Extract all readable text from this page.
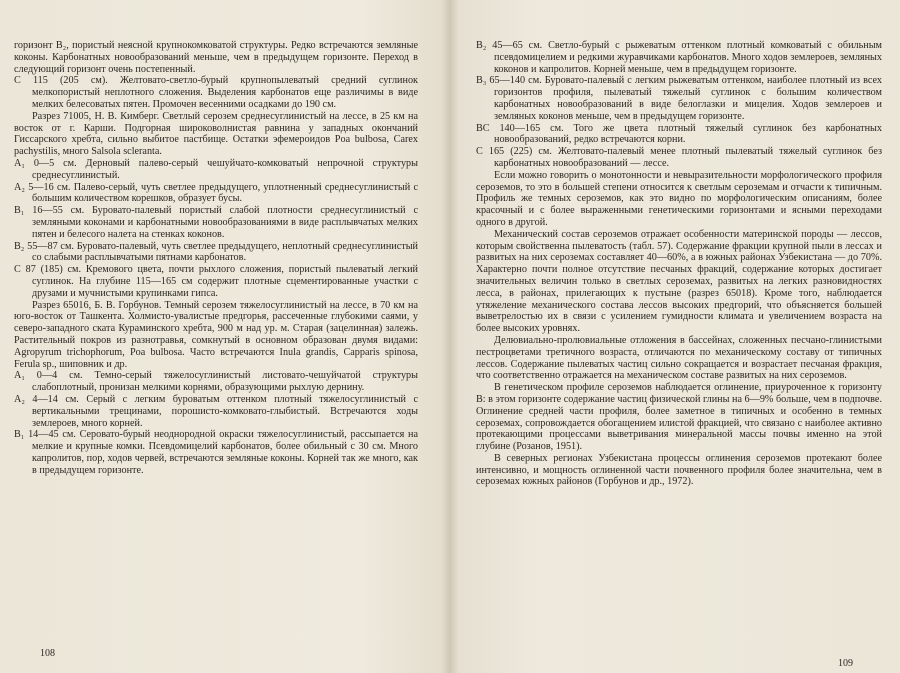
горизонт B₂, пористый неясной крупнокомковатой структуры. Редко встречаются земляные коконы. Карбонатных новообразований меньше, чем в предыдущем горизонте. Переход в следующий горизонт очень постепенный.

C 115 (205 см). Желтовато-светло-бурый крупнопылеватый средний суглинок мелкопористый неплотного сложения. Выделения карбонатов еще различимы в виде мелких белесоватых пятен. Промочен весенними осадками до 190 см.

Разрез 71005, Н. В. Кимберг. Светлый серозем среднесуглинистый на лессе, в 25 км на восток от г. Карши. Подгорная широковолнистая равнина у западных окончаний Гиссарского хребта, сильно выбитое пастбище. Остатки эфемероидов Poa bulbosa, Carex pachystilis, много Salsola scleranta.

A₁ 0—5 см. Дерновый палево-серый чешуйчато-комковатый непрочной структуры среднесуглинистый.

A₂ 5—16 см. Палево-серый, чуть светлее предыдущего, уплотненный среднесуглинистый с большим количеством корешков, образует бусы.

B₁ 16—55 см. Буровато-палевый пористый слабой плотности среднесуглинистый с земляными коконами и карбонатными новообразованиями в виде расплывчатых мелких пятен и белесого налета на стенках коконов.

B₂ 55—87 см. Буровато-палевый, чуть светлее предыдущего, неплотный среднесуглинистый со слабыми расплывчатыми пятнами карбонатов.

C 87 (185) см. Кремового цвета, почти рыхлого сложения, пористый пылеватый легкий суглинок. На глубине 115—165 см содержит плотные сцементированные участки с друзами и мучнистыми крупинками гипса.

Разрез 65016, Б. В. Горбунов. Темный серозем тяжелосуглинистый на лессе, в 70 км на юго-восток от Ташкента. Холмисто-увалистые предгорья, рассеченные глубокими саями, у северо-западного ската Кураминского хребта, 900 м над ур. м. Старая (зацелинная) залежь. Растительный покров из разнотравья, сомкнутый в основном образован двумя видами: Agropyrum trichophorum, Poa bulbosa. Часто встречаются Inula grandis, Capparis spinosa, Ferula sp., шиповник и др.

A₁ 0—4 см. Темно-серый тяжелосуглинистый листовато-чешуйчатой структуры слабоплотный, пронизан мелкими корнями, образующими рыхлую дернину.

A₂ 4—14 см. Серый с легким буроватым оттенком плотный тяжелосуглинистый с вертикальными трещинами, порошисто-комковато-глыбистый. Встречаются ходы землероев, много корней.

B₁ 14—45 см. Серовато-бурый неоднородной окраски тяжелосуглинистый, рассыпается на мелкие и крупные комки. Псевдомицелий карбонатов, более обильный с 30 см. Много капролитов, пор, ходов червей, встречаются земляные коконы. Корней так же много, как в предыдущем горизонте.

B₂ 45—65 см. Светло-бурый с рыжеватым оттенком плотный комковатый с обильным псевдомицелием и редкими журавчиками карбонатов. Много ходов землероев, земляных коконов и капролитов. Корней меньше, чем в предыдущем горизонте.

B₃ 65—140 см. Буровато-палевый с легким рыжеватым оттенком, наиболее плотный из всех горизонтов профиля, пылеватый тяжелый суглинок с большим количеством карбонатных новообразований в виде белоглазки и мицелия. Ходов землероев и земляных коконов меньше, чем в предыдущем горизонте.

BC 140—165 см. Того же цвета плотный тяжелый суглинок без карбонатных новообразований, редко встречаются корни.

C 165 (225) см. Желтовато-палевый менее плотный пылеватый тяжелый суглинок без карбонатных новообразований — лессе.

Если можно говорить о монотонности и невыразительности морфологического профиля сероземов, то это в большей степени относится к светлым сероземам и отчасти к типичным. Профиль же темных сероземов, как это видно по морфологическим описаниям, более красочный и с более выраженными генетическими горизонтами и ясными переходами одного в другой.

Механический состав сероземов отражает особенности материнской породы — лессов, которым свойственна пылеватость (табл. 57). Содержание фракции крупной пыли в лессах и развитых на них сероземах составляет 40—60%, а в южных районах Узбекистана — до 70%. Характерно почти полное отсутствие песчаных фракций, содержание которых достигает значительных величин только в светлых сероземах, развитых на легких разновидностях лесса, в районах, прилегающих к пустыне (разрез 65018). Кроме того, наблюдается утяжеление механического состава лессов высоких предгорий, что объясняется большей выветрелостью их в связи с усилением гумидности климата и увеличением возраста на более высоких уровнях.

Делювиально-пролювиальные отложения в бассейнах, сложенных песчано-глинистыми пестроцветами третичного возраста, отличаются по механическому составу от типичных лессов. Содержание пылеватых частиц сильно сокращается и возрастает песчаная фракция, что соответственно отражается на механическом составе развитых на них сероземов.

В генетическом профиле сероземов наблюдается оглинение, приуроченное к горизонту B: в этом горизонте содержание частиц физической глины на 6—9% больше, чем в подпочве. Оглинение средней части профиля, более заметное в типичных и особенно в темных сероземах, сопровождается обогащением илистой фракцией, что связано с наиболее активно протекающими процессами выветривания минеральной массы почвы именно на этой глубине (Розанов, 1951).

В северных регионах Узбекистана процессы оглинения сероземов протекают более интенсивно, и мощность оглиненной части почвенного профиля более значительна, чем в сероземах южных районов (Горбунов и др., 1972).

108
109
